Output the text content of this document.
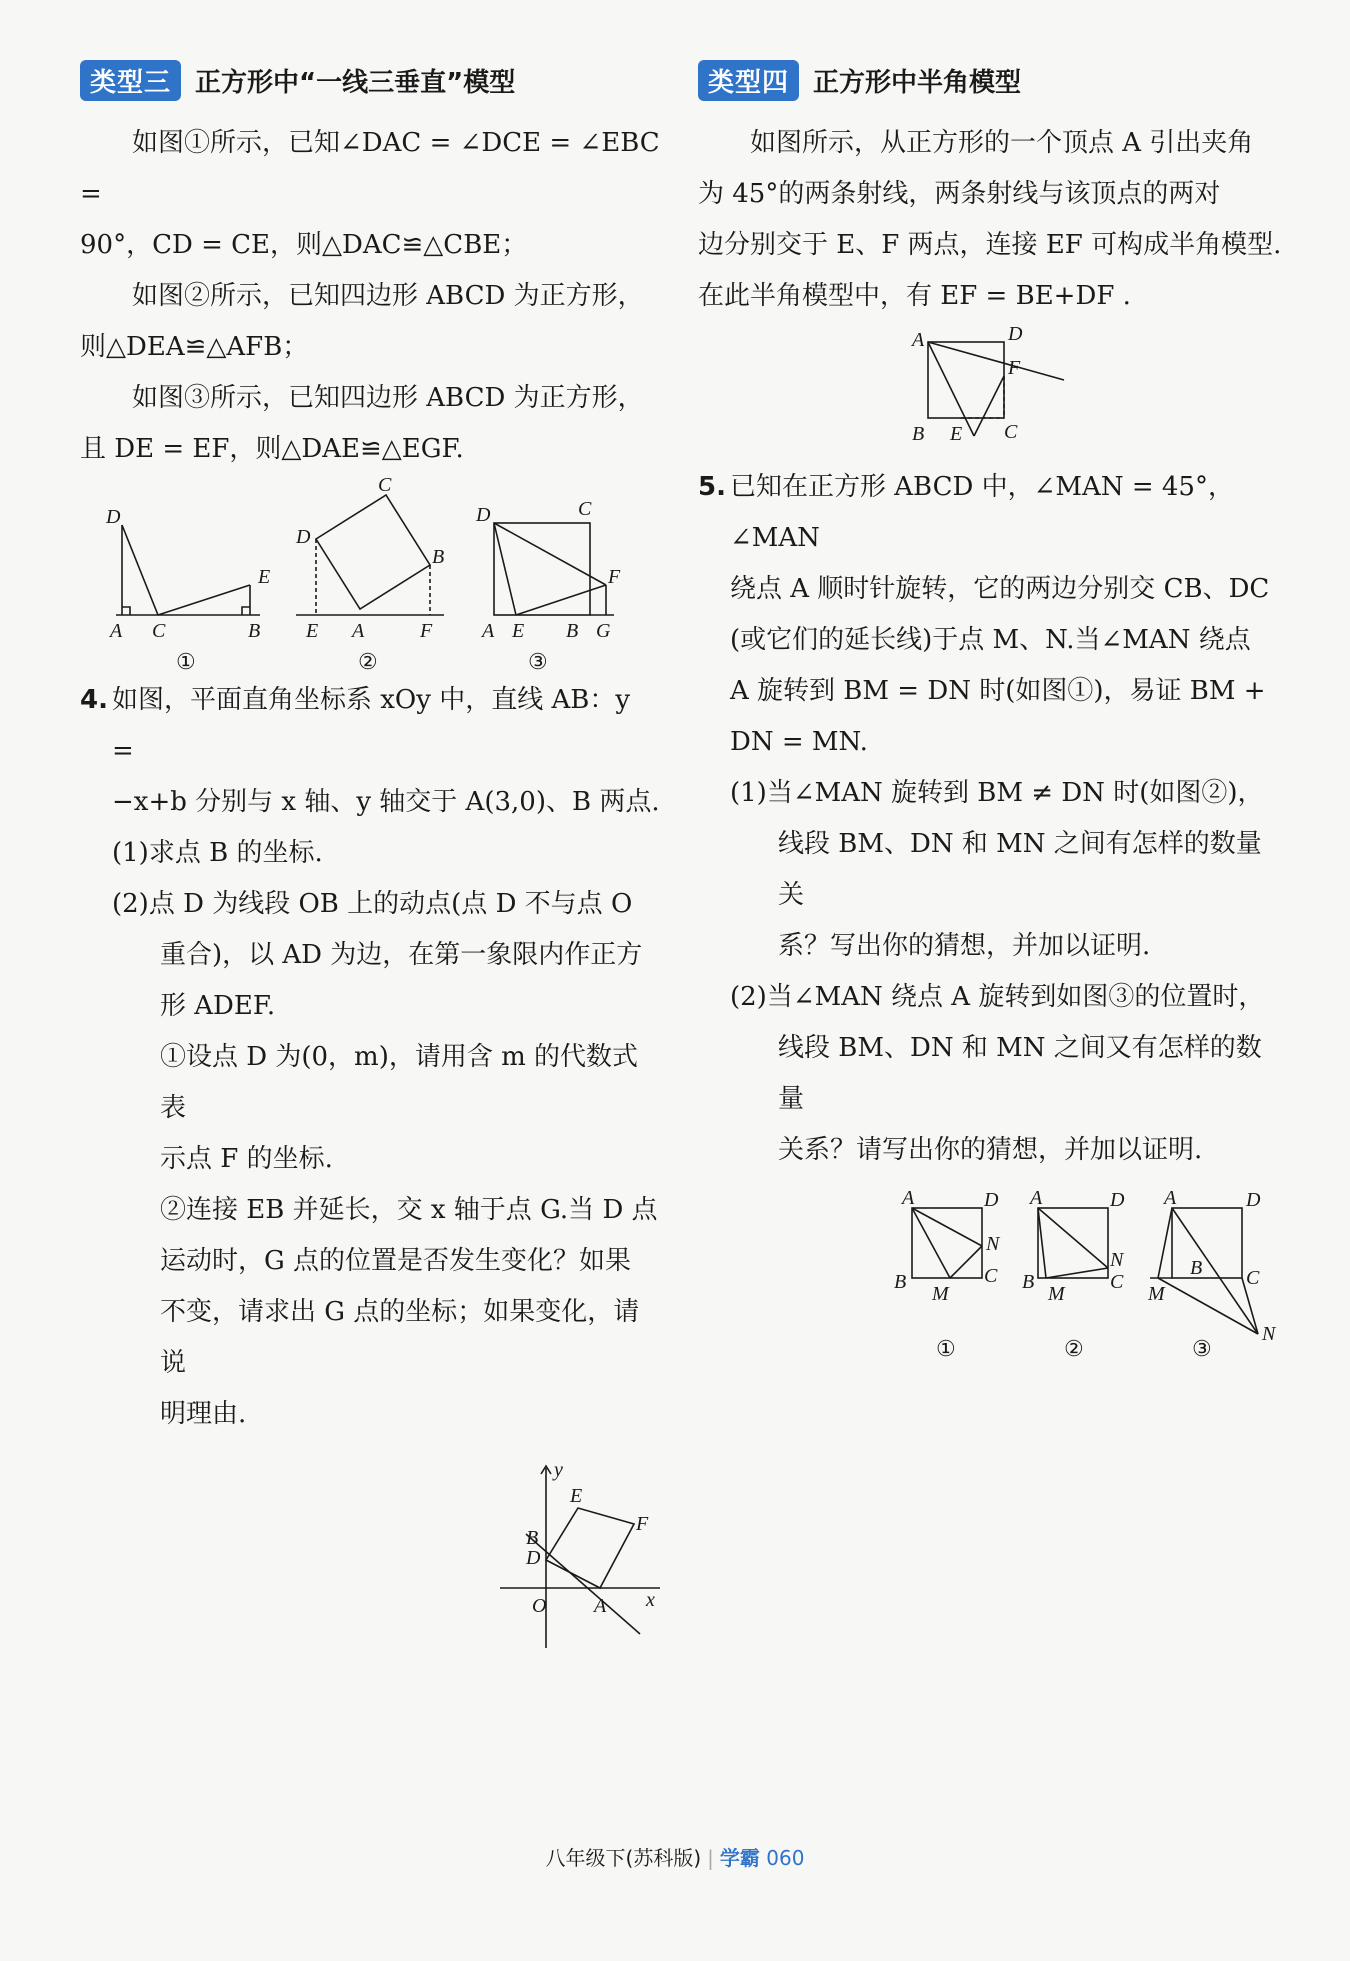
类型三 正方形中“一线三垂直”模型

如图①所示，已知∠DAC = ∠DCE = ∠EBC =

90°，CD = CE，则△DAC≌△CBE；

如图②所示，已知四边形 ABCD 为正方形，

则△DEA≌△AFB；

如图③所示，已知四边形 ABCD 为正方形，

且 DE = EF，则△DAE≌△EGF.

D
E
A C	B
C
D
B
E A	F
D	C
F
A E B G
①	②	③
4. 如图，平面直角坐标系 xOy 中，直线 AB：y =

−x+b 分别与 x 轴、y 轴交于 A(3,0)、B 两点.

(1)求点 B 的坐标.

(2)点 D 为线段 OB 上的动点(点 D 不与点 O

重合)，以 AD 为边，在第一象限内作正方

形 ADEF.

①设点 D 为(0，m)，请用含 m 的代数式表

示点 F 的坐标.

②连接 EB 并延长，交 x 轴于点 G.当 D 点

运动时，G 点的位置是否发生变化？如果

不变，请求出 G 点的坐标；如果变化，请说

明理由.

y
x
O A
B
D
E
F
类型四 正方形中半角模型

如图所示，从正方形的一个顶点 A 引出夹角

为 45°的两条射线，两条射线与该顶点的两对

边分别交于 E、F 两点，连接 EF 可构成半角模型.

在此半角模型中，有 EF = BE+DF .

A	D
F
B E C
5. 已知在正方形 ABCD 中，∠MAN = 45°，∠MAN

绕点 A 顺时针旋转，它的两边分别交 CB、DC

(或它们的延长线)于点 M、N.当∠MAN 绕点

A 旋转到 BM = DN 时(如图①)，易证 BM +

DN = MN.

(1)当∠MAN 旋转到 BM ≠ DN 时(如图②)，

线段 BM、DN 和 MN 之间有怎样的数量关

系？写出你的猜想，并加以证明.

(2)当∠MAN 绕点 A 旋转到如图③的位置时，

线段 BM、DN 和 MN 之间又有怎样的数量

关系？请写出你的猜想，并加以证明.

A	D
N
B	C
M
A	D
N
B	C
M
A	D
B C
M
N
①	②	③
八年级下(苏科版) | 学霸 060
